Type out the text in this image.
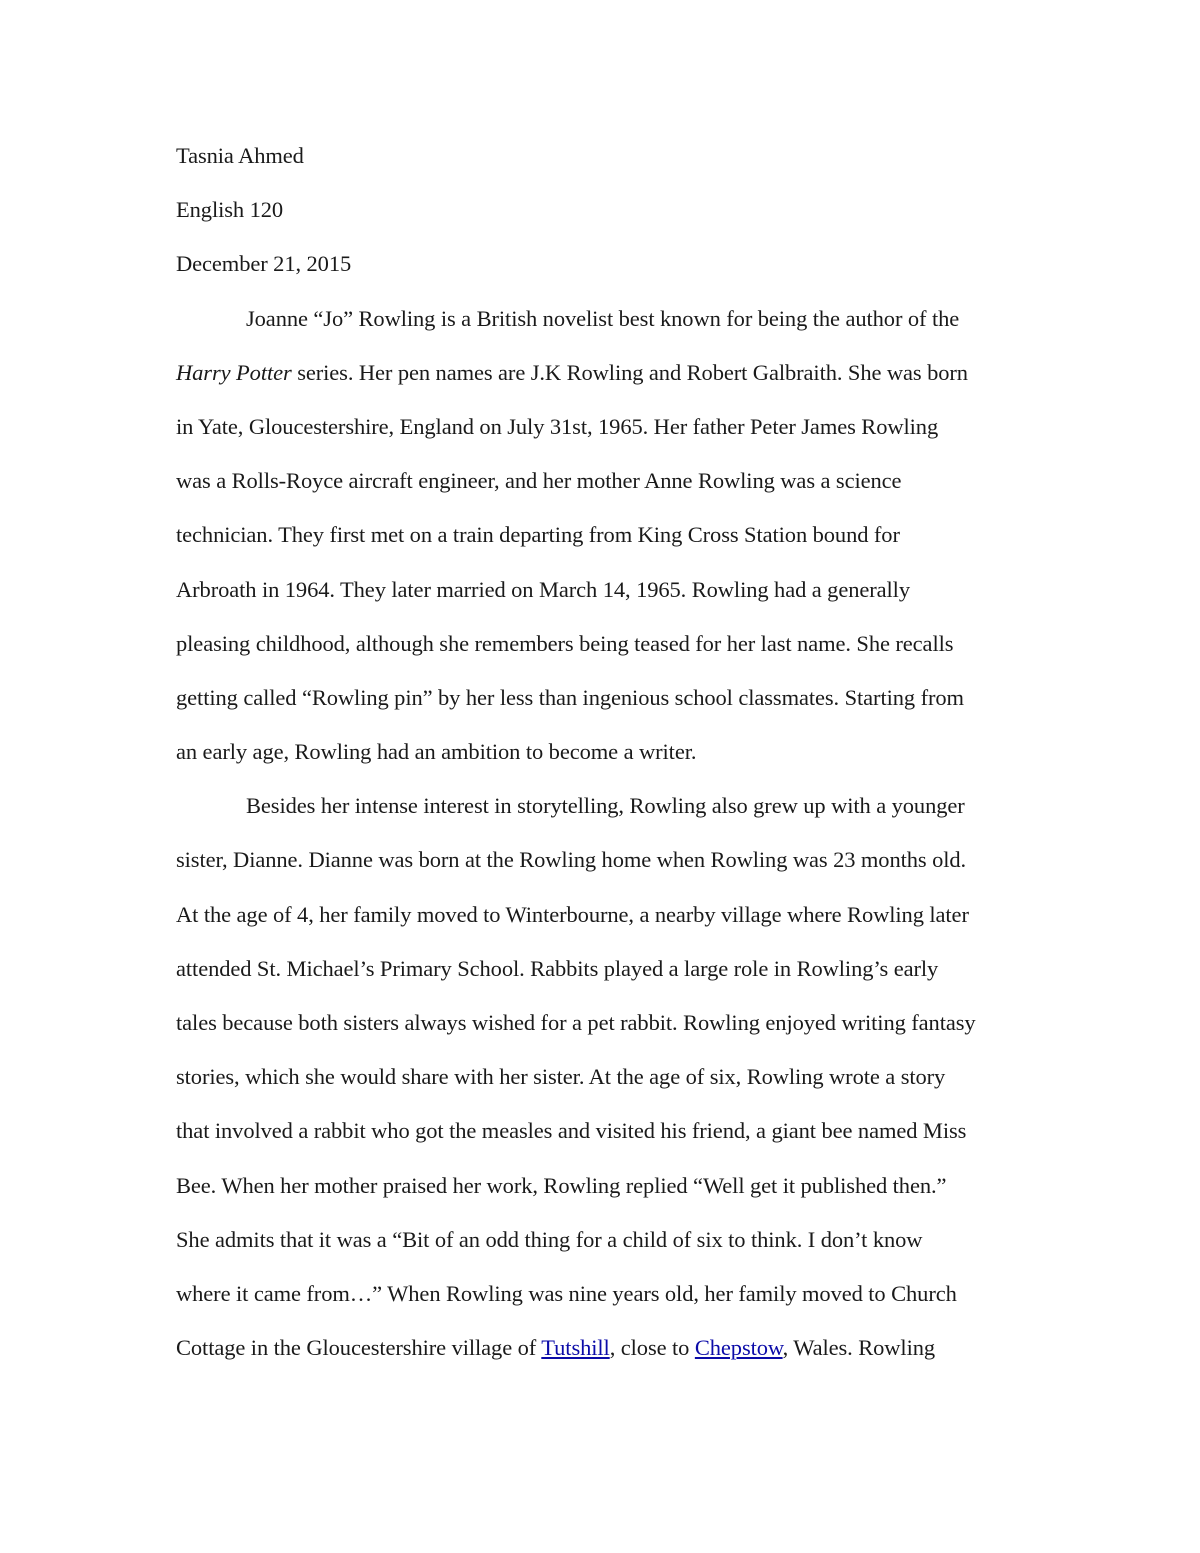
Tasnia Ahmed
English 120
December 21, 2015
Joanne “Jo” Rowling is a British novelist best known for being the author of the
Harry Potter series. Her pen names are J.K Rowling and Robert Galbraith. She was born
in Yate, Gloucestershire, England on July 31st, 1965. Her father Peter James Rowling
was a Rolls-Royce aircraft engineer, and her mother Anne Rowling was a science
technician. They first met on a train departing from King Cross Station bound for
Arbroath in 1964. They later married on March 14, 1965. Rowling had a generally
pleasing childhood, although she remembers being teased for her last name. She recalls
getting called “Rowling pin” by her less than ingenious school classmates. Starting from
an early age, Rowling had an ambition to become a writer.
Besides her intense interest in storytelling, Rowling also grew up with a younger
sister, Dianne. Dianne was born at the Rowling home when Rowling was 23 months old.
At the age of 4, her family moved to Winterbourne, a nearby village where Rowling later
attended St. Michael’s Primary School. Rabbits played a large role in Rowling’s early
tales because both sisters always wished for a pet rabbit. Rowling enjoyed writing fantasy
stories, which she would share with her sister. At the age of six, Rowling wrote a story
that involved a rabbit who got the measles and visited his friend, a giant bee named Miss
Bee. When her mother praised her work, Rowling replied “Well get it published then.”
She admits that it was a “Bit of an odd thing for a child of six to think. I don’t know
where it came from…” When Rowling was nine years old, her family moved to Church
Cottage in the Gloucestershire village of Tutshill, close to Chepstow, Wales. Rowling
